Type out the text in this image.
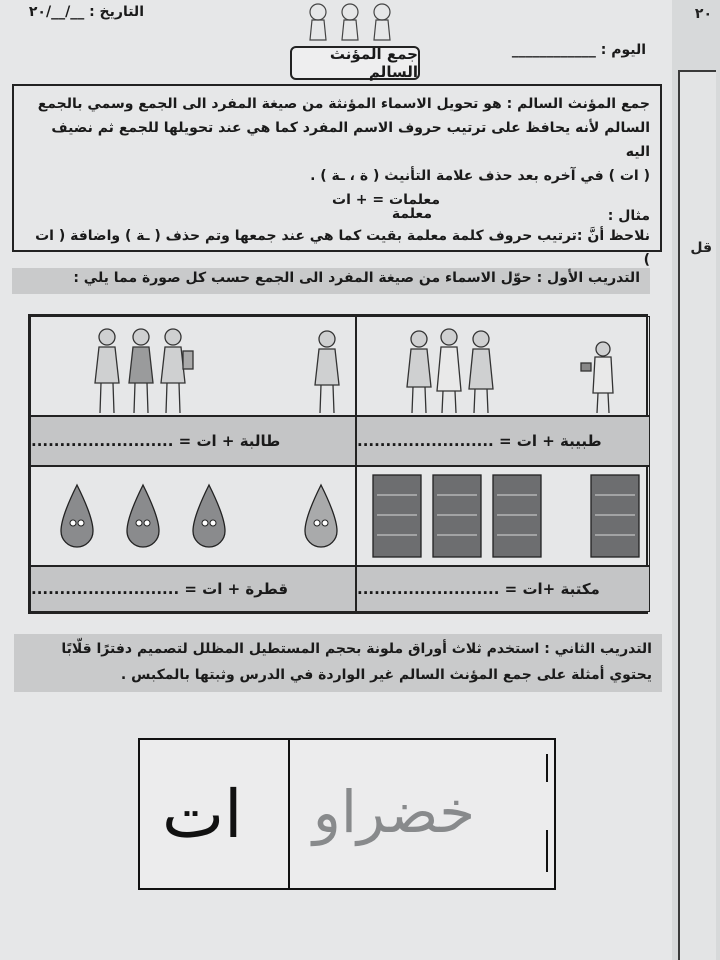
٢٠
قل
التاريخ : __/__/٢٠
اليوم : ____________
جمع المؤنث السالم
جمع المؤنث السالم : هو تحويل الاسماء المؤنثة من صيغة المفرد الى الجمع وسمي بالجمع
السالم لأنه يحافظ على ترتيب حروف الاسم المفرد كما هي عند تحويلها للجمع ثم نضيف اليه
( ات ) في آخره بعد حذف علامة التأنيث ( ة ، ـة ) .
معلمات = + ات
معلمة	مثال :
نلاحظ أنَّ :ترتيب حروف كلمة معلمة بقيت كما هي عند جمعها وتم حذف ( ـة ) واضافة ( ات )
التدريب الأول : حوّل الاسماء من صيغة المفرد الى الجمع حسب كل صورة مما يلي :
طبيبة + ات = ........................
طالبة + ات = .........................
مكتبة +ات = .........................
قطرة + ات = ..........................
التدريب الثاني : استخدم ثلاث أوراق ملونة بحجم المستطيل المظلل لتصميم دفترًا قلّابًا يحتوي أمثلة على جمع المؤنث السالم غير الواردة في الدرس وثبتها بالمكبس .
ات	خضراو
